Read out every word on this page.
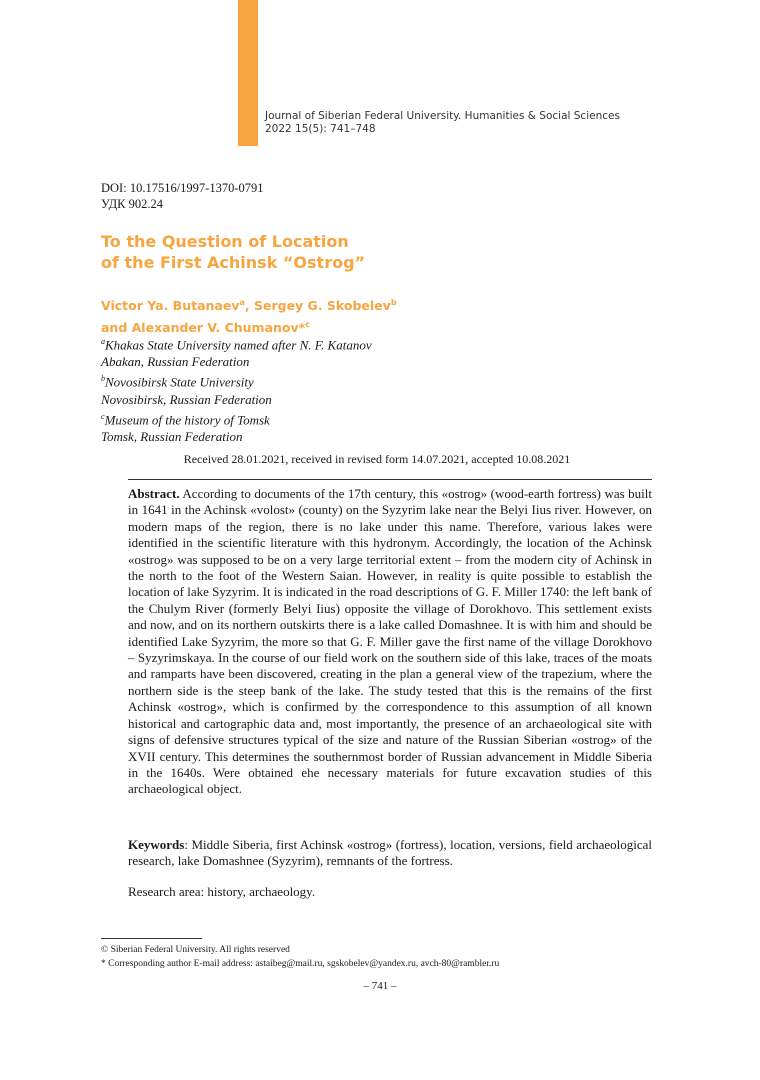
Journal of Siberian Federal University. Humanities & Social Sciences
2022 15(5): 741–748
DOI: 10.17516/1997-1370-0791
УДК 902.24
To the Question of Location
of the First Achinsk “Ostrog”
Victor Ya. Butanaev$^a$, Sergey G. Skobelev$^b$
and Alexander V. Chumanov*$^c$
$^a$Khakas State University named after N. F. Katanov
Abakan, Russian Federation
$^b$Novosibirsk State University
Novosibirsk, Russian Federation
$^c$Museum of the history of Tomsk
Tomsk, Russian Federation
Received 28.01.2021, received in revised form 14.07.2021, accepted 10.08.2021
Abstract. According to documents of the 17th century, this «ostrog» (wood-earth fortress) was built in 1641 in the Achinsk «volost» (county) on the Syzyrim lake near the Belyi Iius river. However, on modern maps of the region, there is no lake under this name. Therefore, various lakes were identified in the scientific literature with this hydronym. Accordingly, the location of the Achinsk «ostrog» was supposed to be on a very large territorial extent – from the modern city of Achinsk in the north to the foot of the Western Saian. However, in reality is quite possible to establish the location of lake Syzyrim. It is indicated in the road descriptions of G. F. Miller 1740: the left bank of the Chulym River (formerly Belyi Iius) opposite the village of Dorokhovo. This settlement exists and now, and on its northern outskirts there is a lake called Domashnee. It is with him and should be identified Lake Syzyrim, the more so that G. F. Miller gave the first name of the village Dorokhovo – Syzyrimskaya. In the course of our field work on the southern side of this lake, traces of the moats and ramparts have been discovered, creating in the plan a general view of the trapezium, where the northern side is the steep bank of the lake. The study tested that this is the remains of the first Achinsk «ostrog», which is confirmed by the correspondence to this assumption of all known historical and cartographic data and, most importantly, the presence of an archaeological site with signs of defensive structures typical of the size and nature of the Russian Siberian «ostrog» of the XVII century. This determines the southernmost border of Russian advancement in Middle Siberia in the 1640s. Were obtained ehe necessary materials for future excavation studies of this archaeological object.
Keywords: Middle Siberia, first Achinsk «ostrog» (fortress), location, versions, field archaeological research, lake Domashnee (Syzyrim), remnants of the fortress.
Research area: history, archaeology.
© Siberian Federal University. All rights reserved
* Corresponding author E-mail address: astaibeg@mail.ru, sgskobelev@yandex.ru, avch-80@rambler.ru
– 741 –
